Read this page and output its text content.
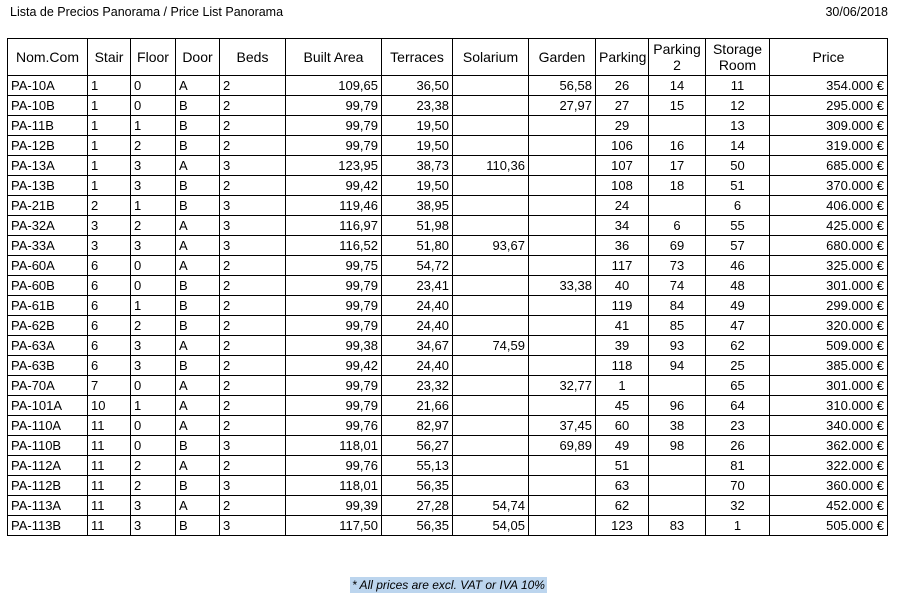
Lista de Precios Panorama / Price List Panorama	30/06/2018
Nom.Com	Stair	Floor	Door	Beds	Built Area	Terraces	Solarium	Garden	Parking	Parking 2	Storage Room	Price
PA-10A	1	0	A	2	109,65	36,50		56,58	26	14	11	354.000 €
PA-10B	1	0	B	2	99,79	23,38		27,97	27	15	12	295.000 €
PA-11B	1	1	B	2	99,79	19,50			29		13	309.000 €
PA-12B	1	2	B	2	99,79	19,50			106	16	14	319.000 €
PA-13A	1	3	A	3	123,95	38,73	110,36		107	17	50	685.000 €
PA-13B	1	3	B	2	99,42	19,50			108	18	51	370.000 €
PA-21B	2	1	B	3	119,46	38,95			24		6	406.000 €
PA-32A	3	2	A	3	116,97	51,98			34	6	55	425.000 €
PA-33A	3	3	A	3	116,52	51,80	93,67		36	69	57	680.000 €
PA-60A	6	0	A	2	99,75	54,72			117	73	46	325.000 €
PA-60B	6	0	B	2	99,79	23,41		33,38	40	74	48	301.000 €
PA-61B	6	1	B	2	99,79	24,40			119	84	49	299.000 €
PA-62B	6	2	B	2	99,79	24,40			41	85	47	320.000 €
PA-63A	6	3	A	2	99,38	34,67	74,59		39	93	62	509.000 €
PA-63B	6	3	B	2	99,42	24,40			118	94	25	385.000 €
PA-70A	7	0	A	2	99,79	23,32		32,77	1		65	301.000 €
PA-101A	10	1	A	2	99,79	21,66			45	96	64	310.000 €
PA-110A	11	0	A	2	99,76	82,97		37,45	60	38	23	340.000 €
PA-110B	11	0	B	3	118,01	56,27		69,89	49	98	26	362.000 €
PA-112A	11	2	A	2	99,76	55,13			51		81	322.000 €
PA-112B	11	2	B	3	118,01	56,35			63		70	360.000 €
PA-113A	11	3	A	2	99,39	27,28	54,74		62		32	452.000 €
PA-113B	11	3	B	3	117,50	56,35	54,05		123	83	1	505.000 €
* All prices are excl. VAT or IVA 10%
